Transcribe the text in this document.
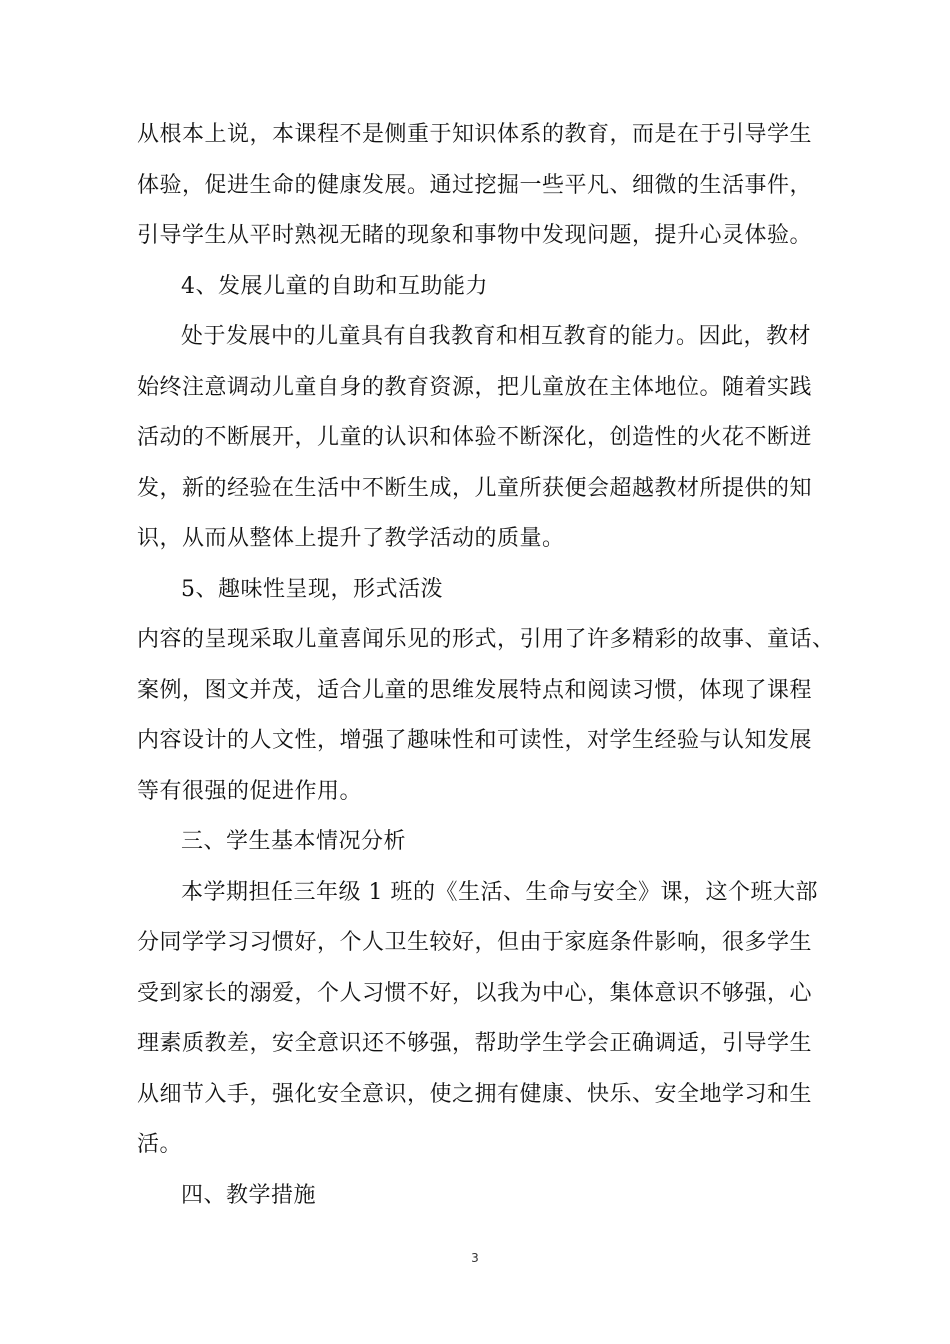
从根本上说，本课程不是侧重于知识体系的教育，而是在于引导学生
体验，促进生命的健康发展。通过挖掘一些平凡、细微的生活事件，
引导学生从平时熟视无睹的现象和事物中发现问题，提升心灵体验。
4、发展儿童的自助和互助能力
处于发展中的儿童具有自我教育和相互教育的能力。因此，教材
始终注意调动儿童自身的教育资源，把儿童放在主体地位。随着实践
活动的不断展开，儿童的认识和体验不断深化，创造性的火花不断迸
发，新的经验在生活中不断生成，儿童所获便会超越教材所提供的知
识，从而从整体上提升了教学活动的质量。
5、趣味性呈现，形式活泼
内容的呈现采取儿童喜闻乐见的形式，引用了许多精彩的故事、童话、
案例，图文并茂，适合儿童的思维发展特点和阅读习惯，体现了课程
内容设计的人文性，增强了趣味性和可读性，对学生经验与认知发展
等有很强的促进作用。
三、学生基本情况分析
本学期担任三年级 1 班的《生活、生命与安全》课，这个班大部
分同学学习习惯好，个人卫生较好，但由于家庭条件影响，很多学生
受到家长的溺爱，个人习惯不好，以我为中心，集体意识不够强，心
理素质教差，安全意识还不够强，帮助学生学会正确调适，引导学生
从细节入手，强化安全意识，使之拥有健康、快乐、安全地学习和生
活。
3
四、教学措施
